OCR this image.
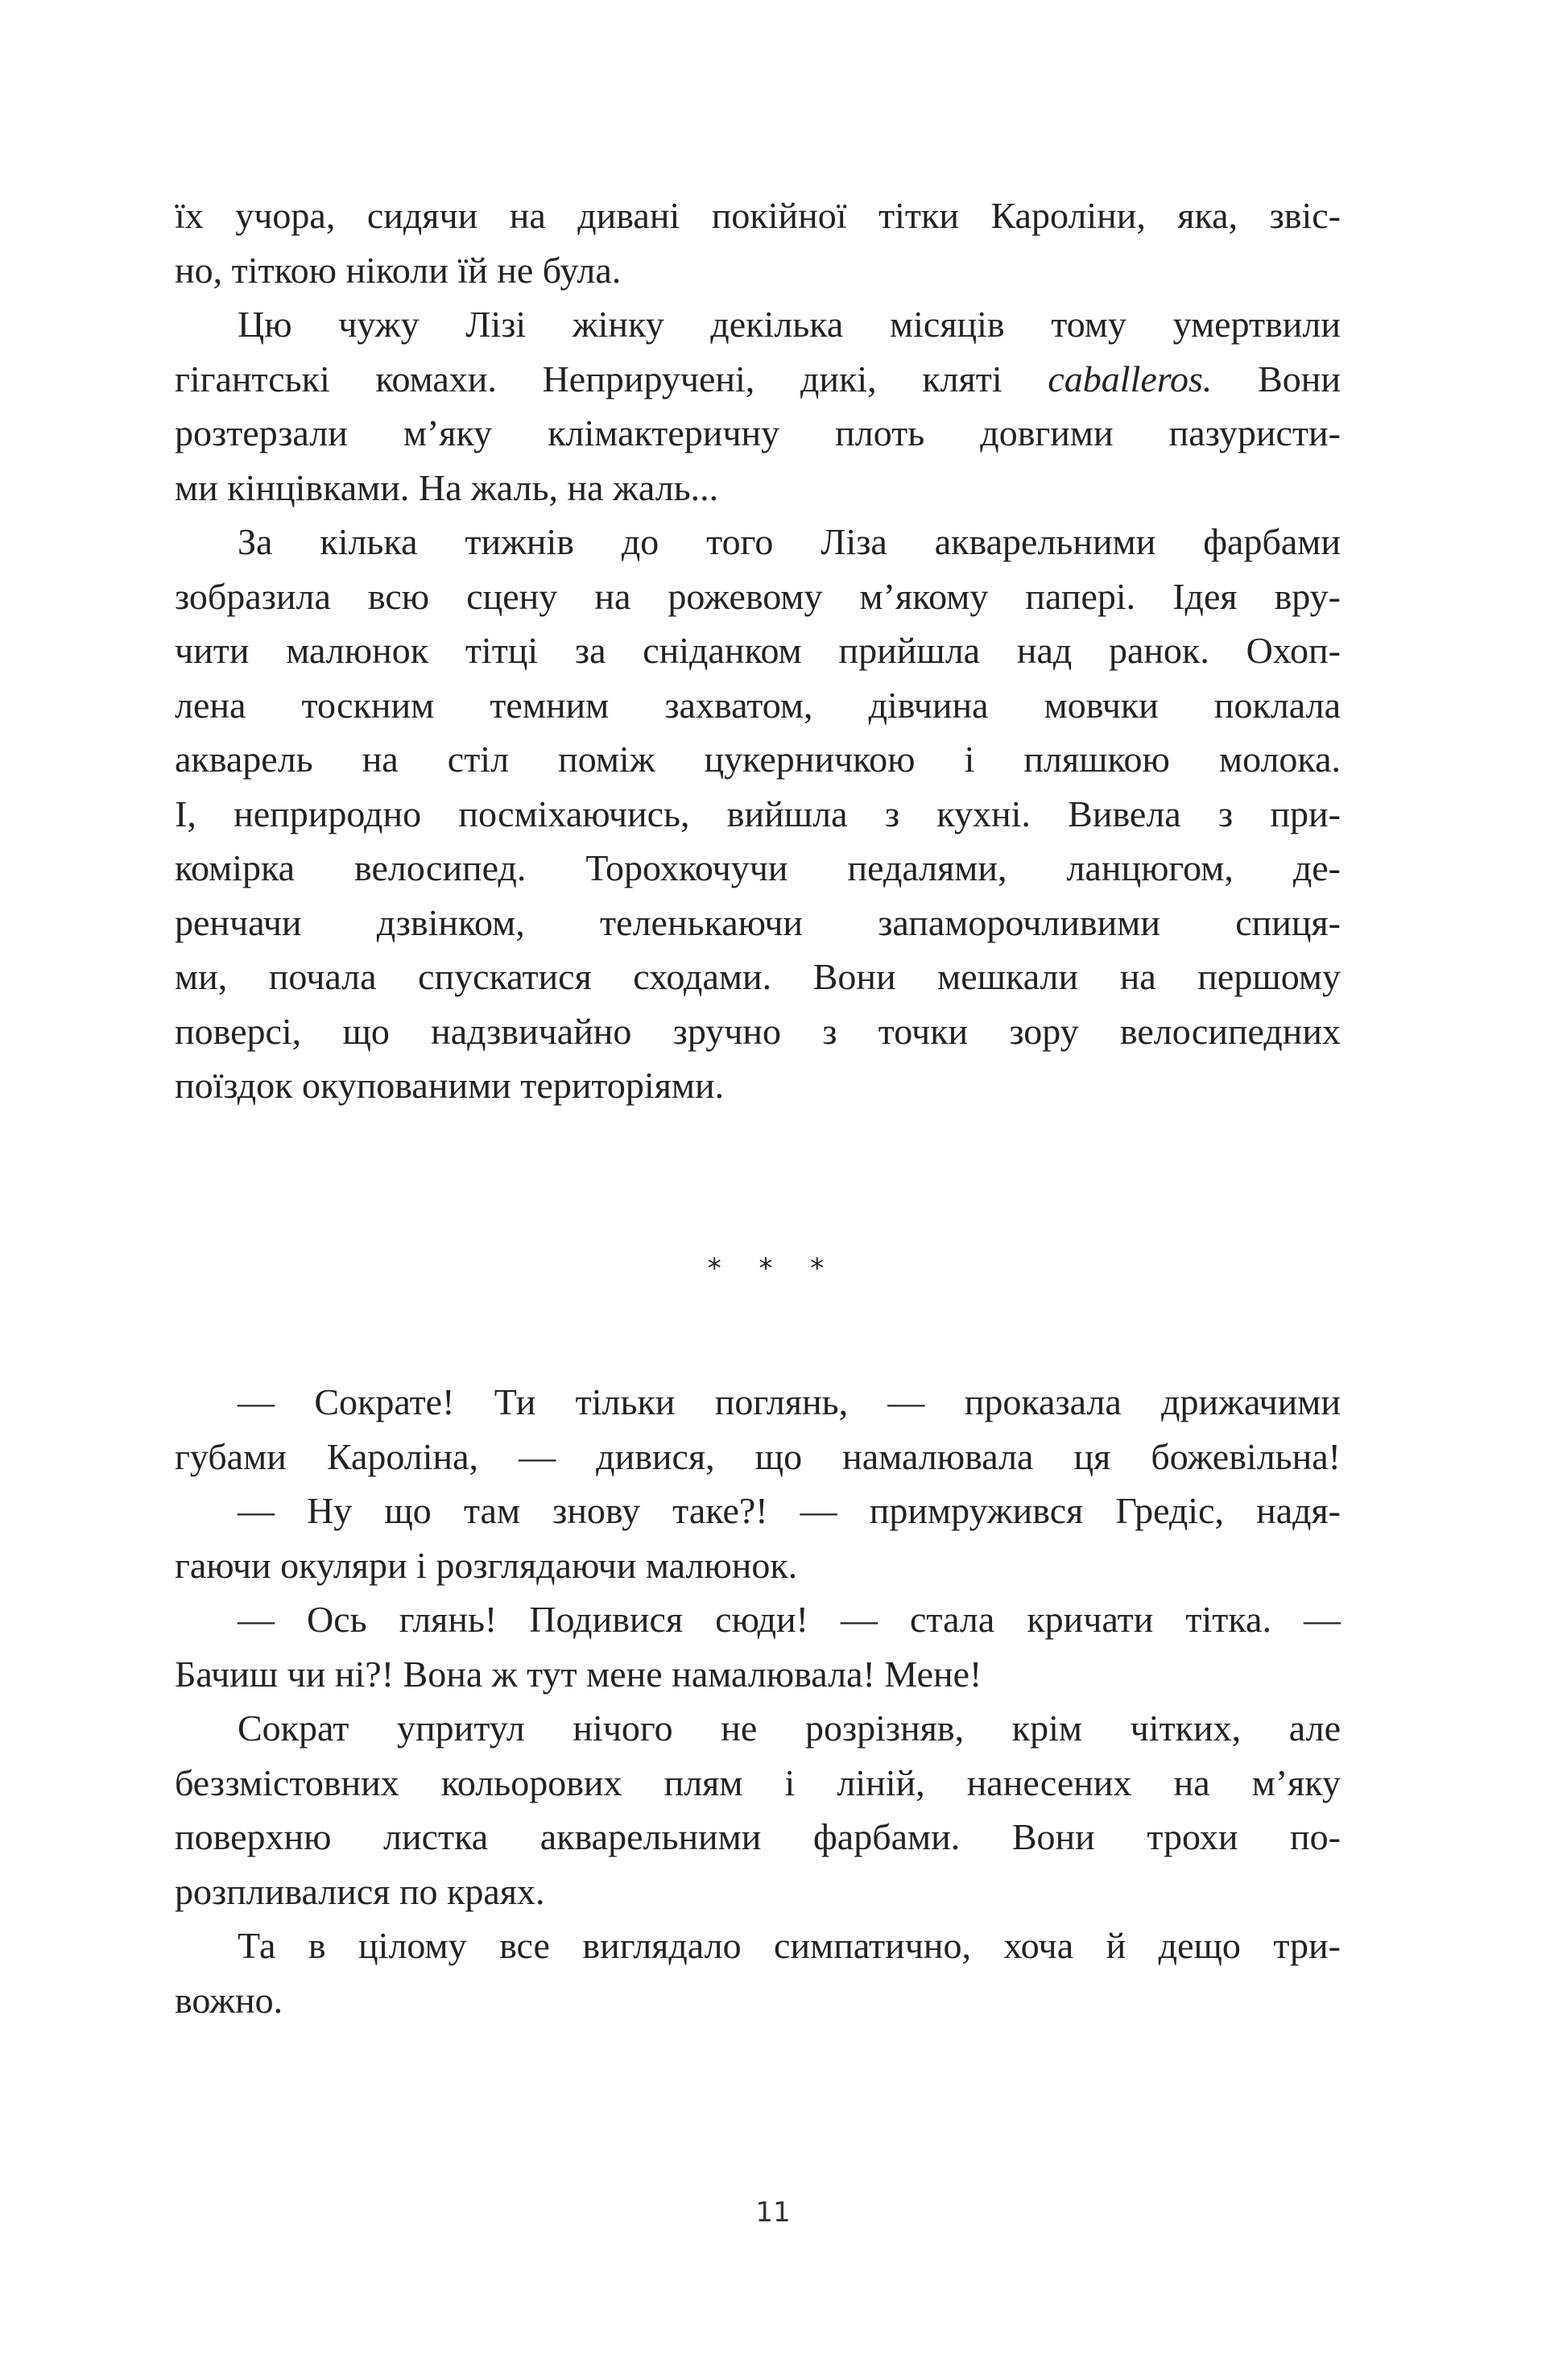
їх учора, сидячи на дивані покійної тітки Кароліни, яка, звіс-
но, тіткою ніколи їй не була.
Цю чужу Лізі жінку декілька місяців тому умертвили
гігантські комахи. Неприручені, дикі, кляті caballeros. Вони
розтерзали м’яку клімактеричну плоть довгими пазуристи-
ми кінцівками. На жаль, на жаль...
За кілька тижнів до того Ліза акварельними фарбами
зобразила всю сцену на рожевому м’якому папері. Ідея вру-
чити малюнок тітці за сніданком прийшла над ранок. Охоп-
лена тоскним темним захватом, дівчина мовчки поклала
акварель на стіл поміж цукерничкою і пляшкою молока.
І, неприродно посміхаючись, вийшла з кухні. Вивела з при-
комірка велосипед. Торохкочучи педалями, ланцюгом, де-
ренчачи дзвінком, теленькаючи запаморочливими спиця-
ми, почала спускатися сходами. Вони мешкали на першому
поверсі, що надзвичайно зручно з точки зору велосипедних
поїздок окупованими територіями.
* * *
— Сократе! Ти тільки поглянь, — проказала дрижачими
губами Кароліна, — дивися, що намалювала ця божевільна!
— Ну що там знову таке?! — примружився Гредіс, надя-
гаючи окуляри і розглядаючи малюнок.
— Ось глянь! Подивися сюди! — стала кричати тітка. —
Бачиш чи ні?! Вона ж тут мене намалювала! Мене!
Сократ упритул нічого не розрізняв, крім чітких, але
беззмістовних кольорових плям і ліній, нанесених на м’яку
поверхню листка акварельними фарбами. Вони трохи по-
розпливалися по краях.
Та в цілому все виглядало симпатично, хоча й дещо три-
вожно.
11
